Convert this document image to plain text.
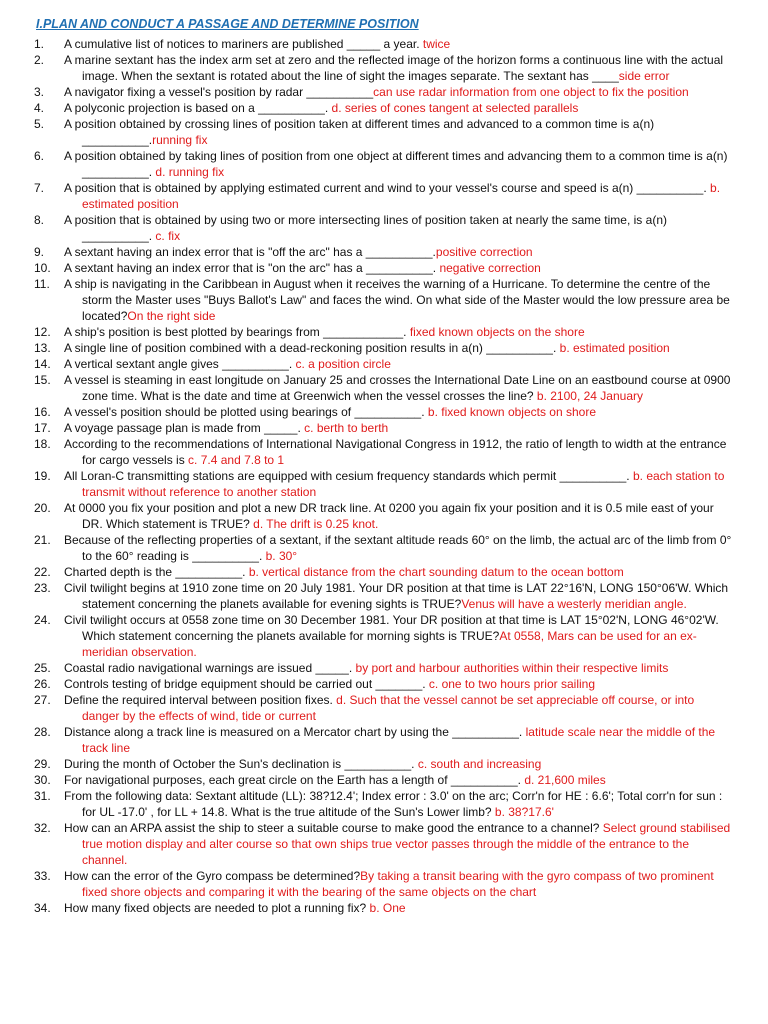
I.PLAN AND CONDUCT A PASSAGE AND DETERMINE POSITION
1.	A cumulative list of notices to mariners are published _____ a year. twice
2.	A marine sextant has the index arm set at zero and the reflected image of the horizon forms a continuous line with the actual image. When the sextant is rotated about the line of sight the images separate. The sextant has ____side error
3.	A navigator fixing a vessel's position by radar __________can use radar information from one object to fix the position
4.	A polyconic projection is based on a __________. d. series of cones tangent at selected parallels
5.	A position obtained by crossing lines of position taken at different times and advanced to a common time is a(n) __________.running fix
6.	A position obtained by taking lines of position from one object at different times and advancing them to a common time is a(n) __________. d. running fix
7.	A position that is obtained by applying estimated current and wind to your vessel's course and speed is a(n) __________. b. estimated position
8.	A position that is obtained by using two or more intersecting lines of position taken at nearly the same time, is a(n) __________. c. fix
9.	A sextant having an index error that is "off the arc" has a __________.positive correction
10.	A sextant having an index error that is "on the arc" has a __________. negative correction
11.	A ship is navigating in the Caribbean in August when it receives the warning of a Hurricane. To determine the centre of the storm the Master uses "Buys Ballot's Law" and faces the wind. On what side of the Master would the low pressure area be located?On the right side
12.	A ship's position is best plotted by bearings from ____________. fixed known objects on the shore
13.	A single line of position combined with a dead-reckoning position results in a(n) __________. b. estimated position
14.	A vertical sextant angle gives __________. c. a position circle
15.	A vessel is steaming in east longitude on January 25 and crosses the International Date Line on an eastbound course at 0900 zone time. What is the date and time at Greenwich when the vessel crosses the line? b. 2100, 24 January
16.	A vessel's position should be plotted using bearings of __________. b. fixed known objects on shore
17.	A voyage passage plan is made from _____. c. berth to berth
18.	According to the recommendations of International Navigational Congress in 1912, the ratio of length to width at the entrance for cargo vessels is c. 7.4 and 7.8 to 1
19.	All Loran-C transmitting stations are equipped with cesium frequency standards which permit __________. b. each station to transmit without reference to another station
20.	At 0000 you fix your position and plot a new DR track line. At 0200 you again fix your position and it is 0.5 mile east of your DR. Which statement is TRUE? d. The drift is 0.25 knot.
21.	Because of the reflecting properties of a sextant, if the sextant altitude reads 60° on the limb, the actual arc of the limb from 0° to the 60° reading is __________. b. 30°
22.	Charted depth is the __________. b. vertical distance from the chart sounding datum to the ocean bottom
23.	Civil twilight begins at 1910 zone time on 20 July 1981. Your DR position at that time is LAT 22°16'N, LONG 150°06'W. Which statement concerning the planets available for evening sights is TRUE?Venus will have a westerly meridian angle.
24.	Civil twilight occurs at 0558 zone time on 30 December 1981. Your DR position at that time is LAT 15°02'N, LONG 46°02'W. Which statement concerning the planets available for morning sights is TRUE?At 0558, Mars can be used for an ex-meridian observation.
25.	Coastal radio navigational warnings are issued _____. by port and harbour authorities within their respective limits
26.	Controls testing of bridge equipment should be carried out _______. c. one to two hours prior sailing
27.	Define the required interval between position fixes. d. Such that the vessel cannot be set appreciable off course, or into danger by the effects of wind, tide or current
28.	Distance along a track line is measured on a Mercator chart by using the __________. latitude scale near the middle of the track line
29.	During the month of October the Sun's declination is __________. c. south and increasing
30.	For navigational purposes, each great circle on the Earth has a length of __________. d. 21,600 miles
31.	From the following data: Sextant altitude (LL): 38?12.4'; Index error : 3.0' on the arc; Corr'n for HE : 6.6'; Total corr'n for sun : for UL -17.0' , for LL + 14.8. What is the true altitude of the Sun's Lower limb? b. 38?17.6'
32.	How can an ARPA assist the ship to steer a suitable course to make good the entrance to a channel? Select ground stabilised true motion display and alter course so that own ships true vector passes through the middle of the entrance to the channel.
33.	How can the error of the Gyro compass be determined?By taking a transit bearing with the gyro compass of two prominent fixed shore objects and comparing it with the bearing of the same objects on the chart
34.	How many fixed objects are needed to plot a running fix? b. One
